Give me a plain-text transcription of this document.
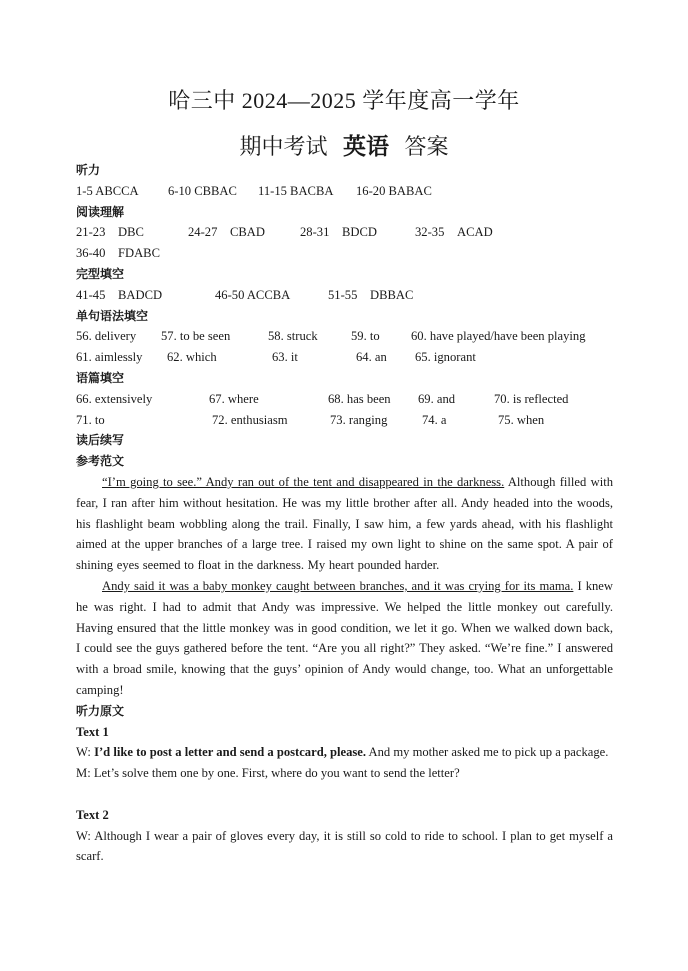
哈三中 2024—2025 学年度高一学年
期中考试 英语 答案
听力
1-5 ABCCA 6-10 CBBAC 11-15 BACBA 16-20 BABAC
阅读理解
21-23　DBC	24-27　CBAD	28-31　BDCD	32-35　ACAD
36-40　FDABC
完型填空
41-45　BADCD	46-50 ACCBA	51-55　DBBAC
单句语法填空
56. delivery 57. to be seen	58. struck	59. to 60. have played/have been playing
61. aimlessly 62. which	63. it	64. an 65. ignorant
语篇填空
66. extensively	67. where	68. has been 69. and	70. is reflected
71. to	72. enthusiasm	73. ranging	74. a	75. when
读后续写
参考范文
“I’m going to see.” Andy ran out of the tent and disappeared in the darkness. Although filled with fear, I ran after him without hesitation. He was my little brother after all. Andy headed into the woods, his flashlight beam wobbling along the trail. Finally, I saw him, a few yards ahead, with his flashlight aimed at the upper branches of a large tree. I raised my own light to shine on the same spot. A pair of shining eyes seemed to float in the darkness. My heart pounded harder.
Andy said it was a baby monkey caught between branches, and it was crying for its mama. I knew he was right. I had to admit that Andy was impressive. We helped the little monkey out carefully. Having ensured that the little monkey was in good condition, we let it go. When we walked down back, I could see the guys gathered before the tent. “Are you all right?” They asked. “We’re fine.” I answered with a broad smile, knowing that the guys’ opinion of Andy would change, too. What an unforgettable camping!
听力原文
Text 1
W: I’d like to post a letter and send a postcard, please. And my mother asked me to pick up a package.
M: Let’s solve them one by one. First, where do you want to send the letter?
Text 2
W: Although I wear a pair of gloves every day, it is still so cold to ride to school. I plan to get myself a scarf.
